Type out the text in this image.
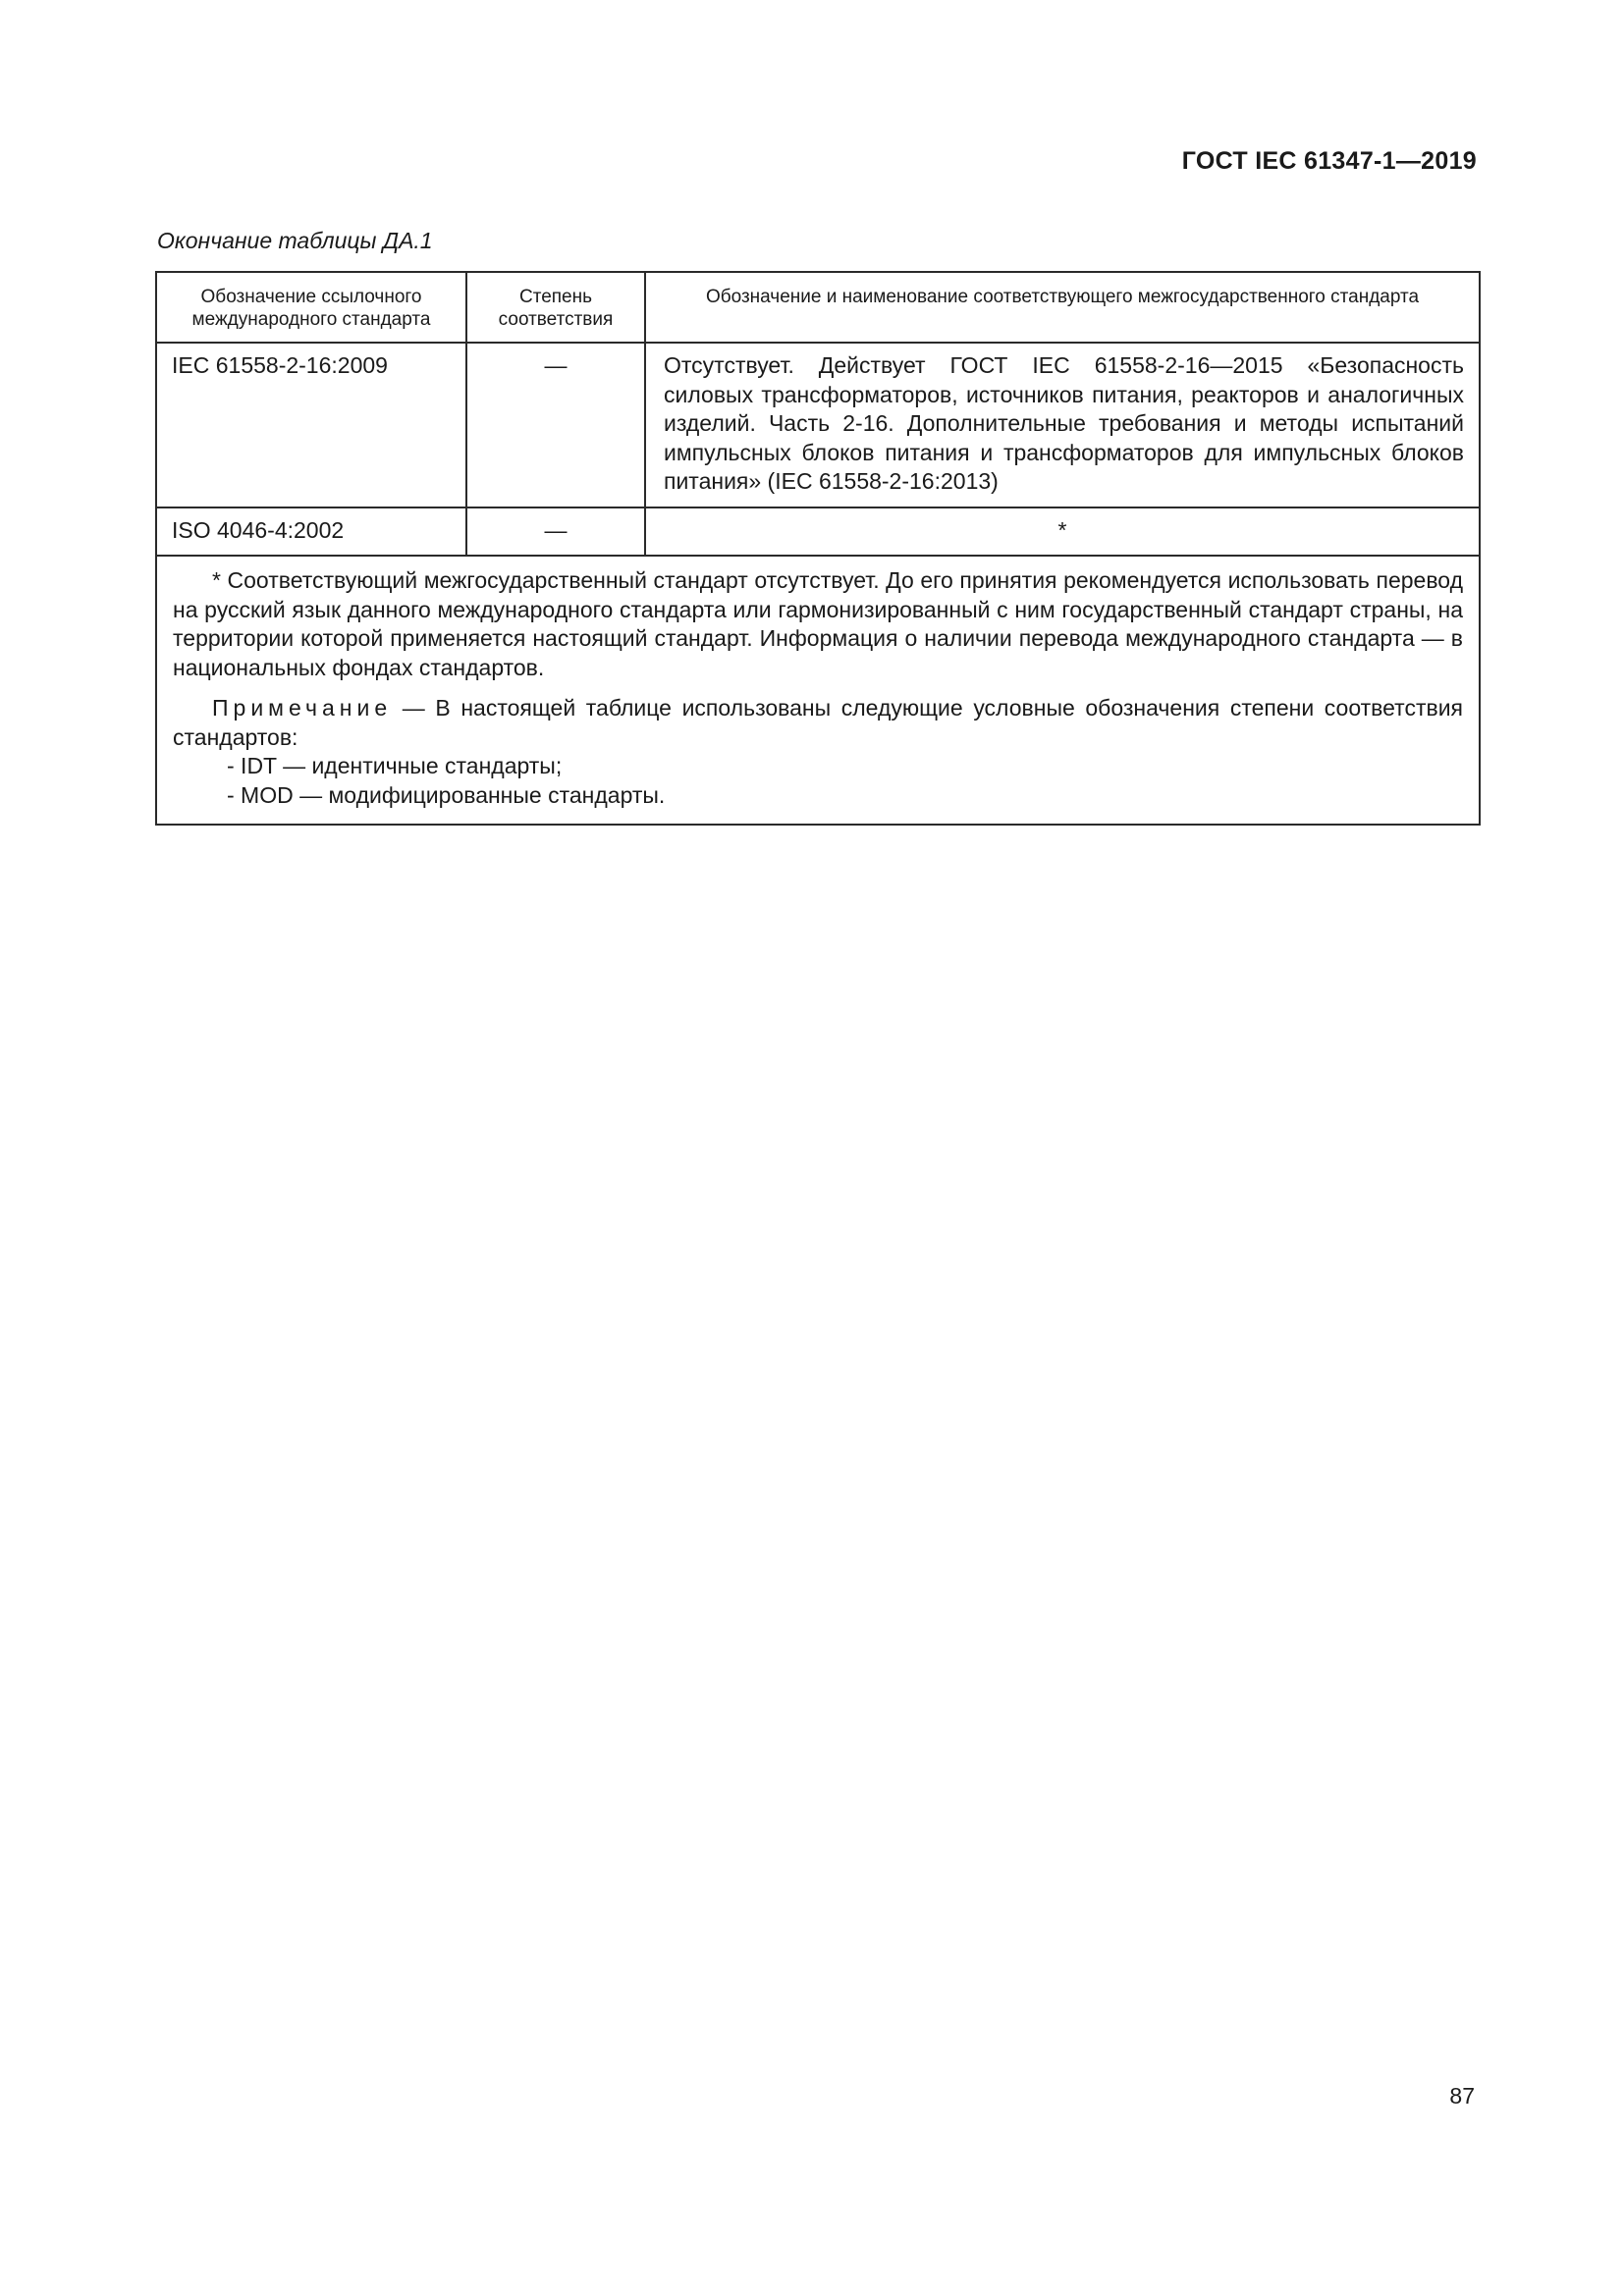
ГОСТ IEC 61347-1—2019
Окончание таблицы ДА.1
Обозначение ссылочного международного стандарта	Степень соответствия	Обозначение и наименование соответствующего межгосударственного стандарта
IEC 61558-2-16:2009	—	Отсутствует. Действует ГОСТ IEC 61558-2-16—2015 «Безопасность силовых трансформаторов, источников питания, реакторов и аналогичных изделий. Часть 2-16. Дополнительные требования и методы испытаний импульсных блоков питания и трансформаторов для импульсных блоков питания» (IEC 61558-2-16:2013)
ISO 4046-4:2002	—	*

* Соответствующий межгосударственный стандарт отсутствует. До его принятия рекомендуется использовать перевод на русский язык данного международного стандарта или гармонизированный с ним государственный стандарт страны, на территории которой применяется настоящий стандарт. Информация о наличии перевода международного стандарта — в национальных фондах стандартов.

Примечание — В настоящей таблице использованы следующие условные обозначения степени соответствия стандартов:

- IDT — идентичные стандарты;

- MOD — модифицированные стандарты.		

87
